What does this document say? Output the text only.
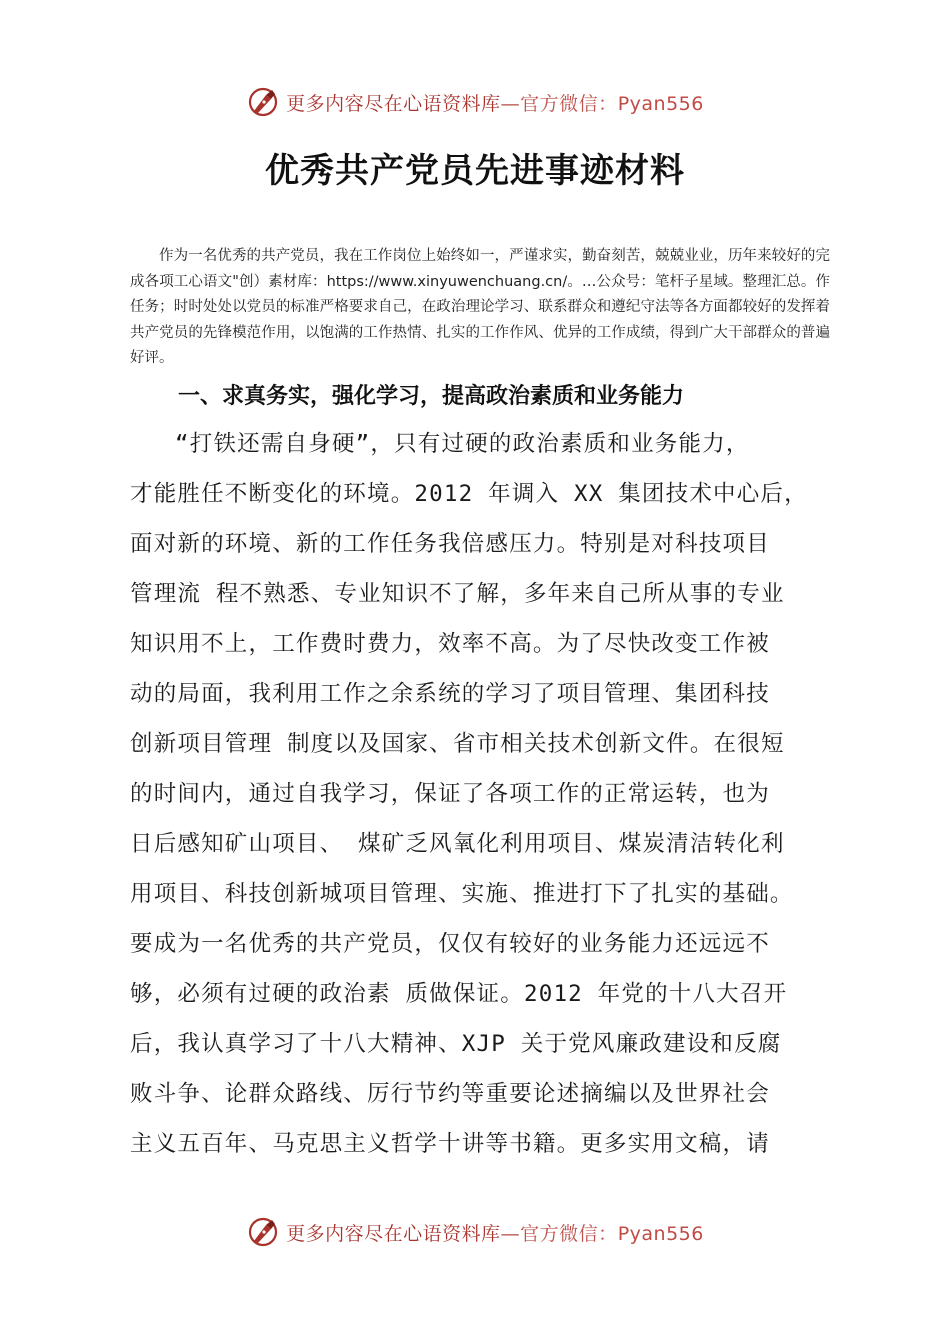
更多内容尽在心语资料库—官方微信：Pyan556
优秀共产党员先进事迹材料
作为一名优秀的共产党员，我在工作岗位上始终如一，严谨求实，勤奋刻苦，兢兢业业，历年来较好的完成各项工心语文"创）素材库：https://www.xinyuwenchuang.cn/。…公众号：笔杆子星域。整理汇总。作任务；时时处处以党员的标准严格要求自己，在政治理论学习、联系群众和遵纪守法等各方面都较好的发挥着共产党员的先锋模范作用，以饱满的工作热情、扎实的工作作风、优异的工作成绩，得到广大干部群众的普遍好评。
一、求真务实，强化学习，提高政治素质和业务能力
“打铁还需自身硬”，只有过硬的政治素质和业务能力，
才能胜任不断变化的环境。2012 年调入 XX 集团技术中心后，
面对新的环境、新的工作任务我倍感压力。特别是对科技项目
管理流 程不熟悉、专业知识不了解，多年来自己所从事的专业
知识用不上，工作费时费力，效率不高。为了尽快改变工作被
动的局面，我利用工作之余系统的学习了项目管理、集团科技
创新项目管理 制度以及国家、省市相关技术创新文件。在很短
的时间内，通过自我学习，保证了各项工作的正常运转，也为
日后感知矿山项目、 煤矿乏风氧化利用项目、煤炭清洁转化利
用项目、科技创新城项目管理、实施、推进打下了扎实的基础。
要成为一名优秀的共产党员，仅仅有较好的业务能力还远远不
够，必须有过硬的政治素 质做保证。2012 年党的十八大召开
后，我认真学习了十八大精神、XJP 关于党风廉政建设和反腐
败斗争、论群众路线、厉行节约等重要论述摘编以及世界社会
主义五百年、马克思主义哲学十讲等书籍。更多实用文稿，请
更多内容尽在心语资料库—官方微信：Pyan556
